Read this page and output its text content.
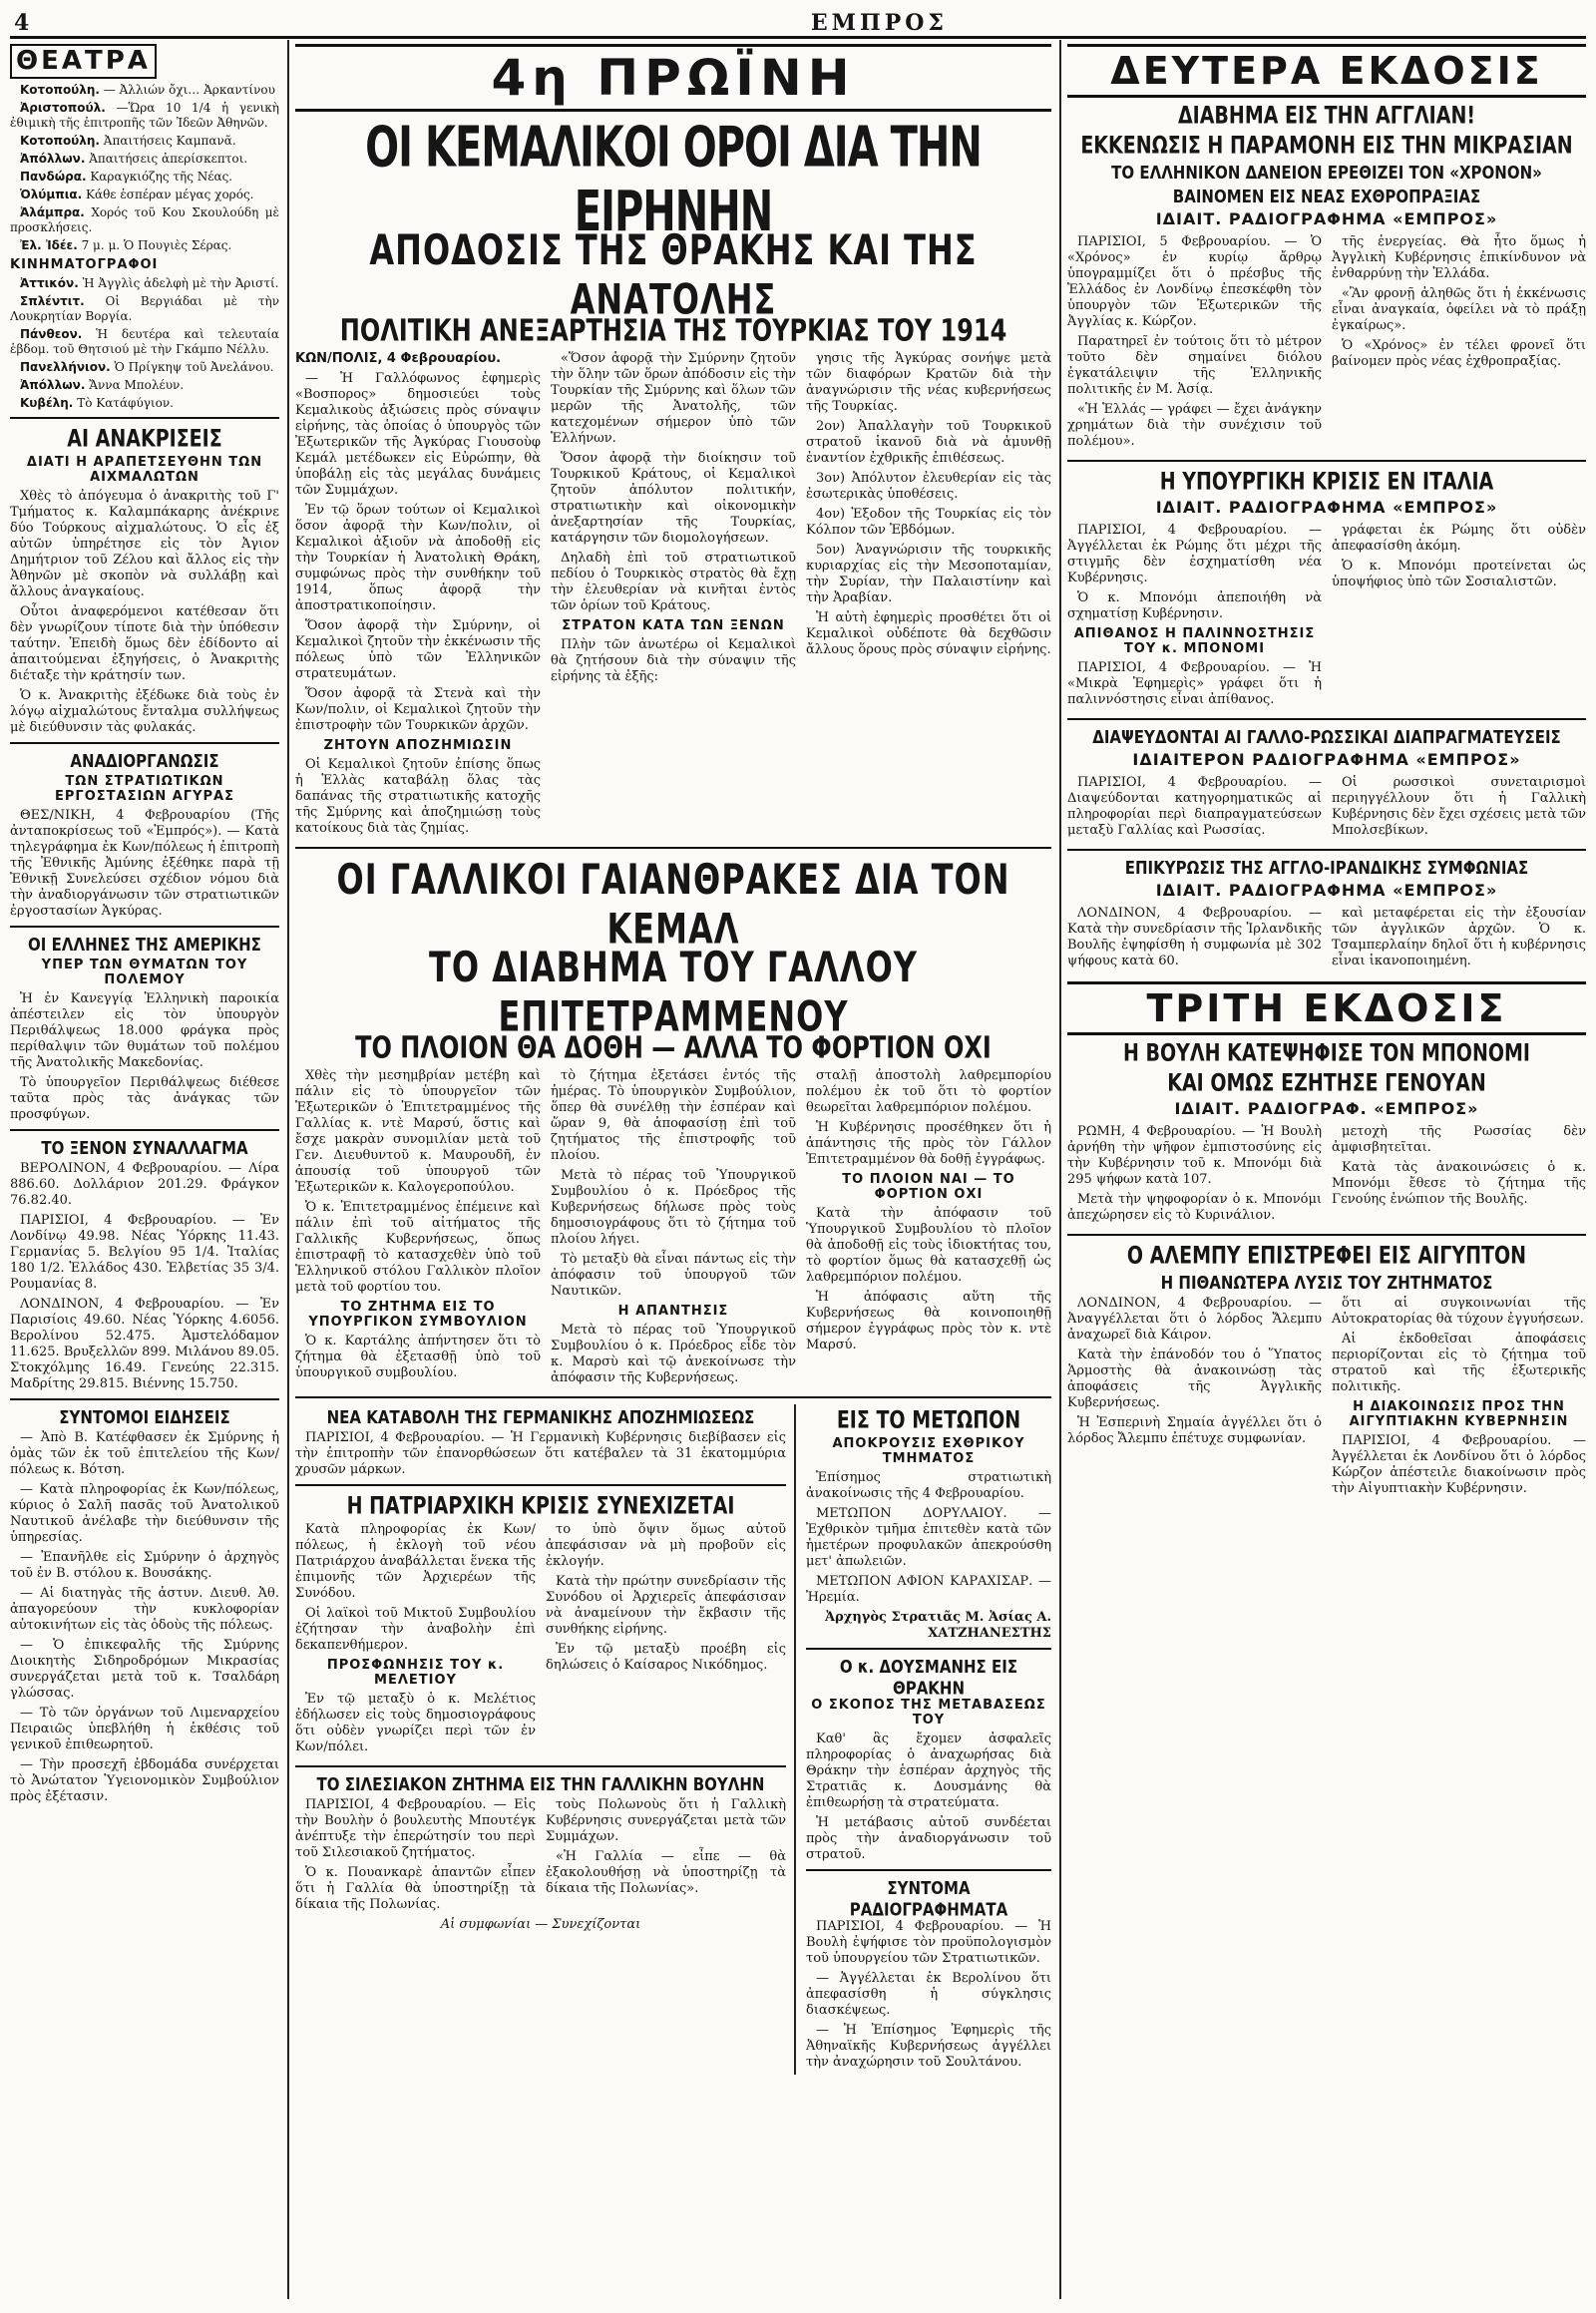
4	ΕΜΠΡΟΣ
ΘΕΑΤΡΑ

Κοτοπούλη. — Ἀλλιών ὄχι… Ἀρκαντίνου

Ἀριστοπούλ. —Ὥρα 10 1/4 ἡ γενικὴ ἐθιμικὴ τῆς ἐπιτροπῆς τῶν Ἰδεῶν Ἀθηνῶν.

Κοτοπούλη. Ἀπαιτήσεις Καμπανᾶ.

Ἀπόλλων. Ἀπαιτήσεις ἀπερίσκεπτοι.

Πανδώρα. Καραγκιόζης τῆς Νέας.

Ὀλύμπια. Κάθε ἑσπέραν μέγας χορός.

Ἀλάμπρα. Χορός τοῦ Κου Σκουλούδη μὲ προσκλήσεις.

Ἐλ. Ἰδέε. 7 μ. μ. Ὁ Πουγιὲς Σέρας.

ΚΙΝΗΜΑΤΟΓΡΑΦΟΙ

Ἀττικόν. Ἡ Ἀγγλὶς ἀδελφὴ μὲ τὴν Ἀριστί.

Σπλέντιτ. Οἱ Βεργιάδαι μὲ τὴν Λουκρητίαν Βοργία.

Πάνθεον. Ἡ δευτέρα καὶ τελευταία ἑβδομ. τοῦ Θητσιού μὲ τὴν Γκάμπο Νέλλυ.

Πανελλήνιον. Ὁ Πρίγκηψ τοῦ Ἀνελάνου.

Ἀπόλλων. Ἄννα Μπολέυν.

Κυβέλη. Τὸ Κατάφύγιον.

ΑΙ ΑΝΑΚΡΙΣΕΙΣ
ΔΙΑΤΙ Η ΑΡΑΠΕΤΣΕΥΘΗΝ ΤΩΝ ΑΙΧΜΑΛΩΤΩΝ

Χθὲς τὸ ἀπόγευμα ὁ ἀνακριτὴς τοῦ Γ' Τμήματος κ. Καλαμπάκαρης ἀνέκρινε δύο Τούρκους αἰχμαλώτους. Ὁ εἷς ἐξ αὐτῶν ὑπηρέτησε εἰς τὸν Ἀγιον Δημήτριον τοῦ Ζέλου καὶ ἄλλος εἰς τὴν Ἀθηνῶν μὲ σκοπὸν νὰ συλλάβῃ καὶ ἄλλους ἀναγκαίους.

Οὗτοι ἀναφερόμενοι κατέθεσαν ὅτι δὲν γνωρίζουν τίποτε διὰ τὴν ὑπόθεσιν ταύτην. Ἐπειδὴ ὅμως δὲν ἐδίδοντο αἱ ἀπαιτούμεναι ἐξηγήσεις, ὁ Ἀνακριτὴς διέταξε τὴν κράτησίν των.

Ὁ κ. Ἀνακριτὴς ἐξέδωκε διὰ τοὺς ἐν λόγῳ αἰχμαλώτους ἔνταλμα συλλήψεως μὲ διεύθυνσιν τὰς φυλακάς.

ΑΝΑΔΙΟΡΓΑΝΩΣΙΣ
ΤΩΝ ΣΤΡΑΤΙΩΤΙΚΩΝ ΕΡΓΟΣΤΑΣΙΩΝ ΑΓΥΡΑΣ

ΘΕΣ/ΝΙΚΗ, 4 Φεβρουαρίου (Τῆς ἀνταποκρίσεως τοῦ «Ἐμπρός»). — Κατὰ τηλεγράφημα ἐκ Κων/πόλεως ἡ ἐπιτροπὴ τῆς Ἐθνικῆς Ἀμύνης ἐξέθηκε παρὰ τῇ Ἐθνικῇ Συνελεύσει σχέδιον νόμου διὰ τὴν ἀναδιοργάνωσιν τῶν στρατιωτικῶν ἐργοστασίων Ἀγκύρας.

ΟΙ ΕΛΛΗΝΕΣ ΤΗΣ ΑΜΕΡΙΚΗΣ
ΥΠΕΡ ΤΩΝ ΘΥΜΑΤΩΝ ΤΟΥ ΠΟΛΕΜΟΥ

Ἡ ἐν Κανεγγίᾳ Ἑλληνικὴ παροικία ἀπέστειλεν εἰς τὸν ὑπουργὸν Περιθάλψεως 18.000 φράγκα πρὸς περίθαλψιν τῶν θυμάτων τοῦ πολέμου τῆς Ἀνατολικῆς Μακεδονίας.

Τὸ ὑπουργεῖον Περιθάλψεως διέθεσε ταῦτα πρὸς τὰς ἀνάγκας τῶν προσφύγων.

ΤΟ ΞΕΝΟΝ ΣΥΝΑΛΛΑΓΜΑ

ΒΕΡΟΛΙΝΟΝ, 4 Φεβρουαρίου. — Λίρα 886.60. Δολλάριον 201.29. Φράγκον 76.82.40.

ΠΑΡΙΣΙΟΙ, 4 Φεβρουαρίου. — Ἐν Λονδίνῳ 49.98. Νέας Ὑόρκης 11.43. Γερμανίας 5. Βελγίου 95 1/4. Ἰταλίας 180 1/2. Ἑλλάδος 430. Ἑλβετίας 35 3/4. Ρουμανίας 8.

ΛΟΝΔΙΝΟΝ, 4 Φεβρουαρίου. — Ἐν Παρισίοις 49.60. Νέας Ὑόρκης 4.6056. Βερολίνου 52.475. Ἀμστελόδαμον 11.625. Βρυξελλῶν 899. Μιλάνου 89.05. Στοκχόλμης 16.49. Γενεύης 22.315. Μαδρίτης 29.815. Βιέννης 15.750.

ΣΥΝΤΟΜΟΙ ΕΙΔΗΣΕΙΣ

— Ἀπὸ Β. Κατέφθασεν ἐκ Σμύρνης ἡ ὁμὰς τῶν ἐκ τοῦ ἐπιτελείου τῆς Κων/πόλεως κ. Βότση.

— Κατὰ πληροφορίας ἐκ Κων/πόλεως, κύριος ὁ Σαλῆ πασᾶς τοῦ Ἀνατολικοῦ Ναυτικοῦ ἀνέλαβε τὴν διεύθυνσιν τῆς ὑπηρεσίας.

— Ἐπανῆλθε εἰς Σμύρνην ὁ ἀρχηγὸς τοῦ ἐν Β. στόλου κ. Βουσάκης.

— Αἱ διατηγὰς τῆς ἀστυν. Διευθ. Ἀθ. ἀπαγορεύουν τὴν κυκλοφορίαν αὐτοκινήτων εἰς τὰς ὁδοὺς τῆς πόλεως.

— Ὁ ἐπικεφαλῆς τῆς Σμύρνης Διοικητὴς Σιδηροδρόμων Μικρασίας συνεργάζεται μετὰ τοῦ κ. Τσαλδάρη γλώσσας.

— Τὸ τῶν ὀργάνων τοῦ Λιμεναρχείου Πειραιῶς ὑπεβλήθη ἡ ἐκθέσις τοῦ γενικοῦ ἐπιθεωρητοῦ.

— Τὴν προσεχῆ ἑβδομάδα συνέρχεται τὸ Ἀνώτατον Ὑγειονομικὸν Συμβούλιον πρὸς ἐξέτασιν.

4η ΠΡΩΪΝΗ
ΟΙ ΚΕΜΑΛΙΚΟΙ ΟΡΟΙ ΔΙΑ ΤΗΝ ΕΙΡΗΝΗΝ
ΑΠΟΔΟΣΙΣ ΤΗΣ ΘΡΑΚΗΣ ΚΑΙ ΤΗΣ ΑΝΑΤΟΛΗΣ
ΠΟΛΙΤΙΚΗ ΑΝΕΞΑΡΤΗΣΙΑ ΤΗΣ ΤΟΥΡΚΙΑΣ ΤΟΥ 1914

ΚΩΝ/ΠΟΛΙΣ, 4 Φεβρουαρίου.

— Ἡ Γαλλόφωνος ἐφημερὶς «Βοσπορος» δημοσιεύει τοὺς Κεμαλικοὺς ἀξιώσεις πρὸς σύναψιν εἰρήνης, τὰς ὁποίας ὁ ὑπουργὸς τῶν Ἐξωτερικῶν τῆς Ἀγκύρας Γιουσοὺφ Κεμάλ μετέδωκεν εἰς Εὐρώπην, θὰ ὑποβάλῃ εἰς τὰς μεγάλας δυνάμεις τῶν Συμμάχων.

Ἐν τῷ ὅρων τούτων οἱ Κεμαλικοὶ ὅσον ἀφορᾷ τὴν Κων/πολιν, οἱ Κεμαλικοὶ ἀξιοῦν νὰ ἀποδοθῇ εἰς τὴν Τουρκίαν ἡ Ἀνατολικὴ Θράκη, συμφώνως πρὸς τὴν συνθήκην τοῦ 1914, ὅπως ἀφορᾷ τὴν ἀποστρατικοποίησιν.

Ὅσον ἀφορᾷ τὴν Σμύρνην, οἱ Κεμαλικοὶ ζητοῦν τὴν ἐκκένωσιν τῆς πόλεως ὑπὸ τῶν Ἑλληνικῶν στρατευμάτων.

Ὅσον ἀφορᾷ τὰ Στενὰ καὶ τὴν Κων/πολιν, οἱ Κεμαλικοὶ ζητοῦν τὴν ἐπιστροφὴν τῶν Τουρκικῶν ἀρχῶν.

ΖΗΤΟΥΝ ΑΠΟΖΗΜΙΩΣΙΝ

Οἱ Κεμαλικοὶ ζητοῦν ἐπίσης ὅπως ἡ Ἑλλὰς καταβάλῃ ὅλας τὰς δαπάνας τῆς στρατιωτικῆς κατοχῆς τῆς Σμύρνης καὶ ἀποζημιώσῃ τοὺς κατοίκους διὰ τὰς ζημίας.

«Ὅσον ἀφορᾷ τὴν Σμύρνην ζητοῦν τὴν ὅλην τῶν ὅρων ἀπόδοσιν εἰς τὴν Τουρκίαν τῆς Σμύρνης καὶ ὅλων τῶν μερῶν τῆς Ἀνατολῆς, τῶν κατεχομένων σήμερον ὑπὸ τῶν Ἑλλήνων.

Ὅσον ἀφορᾷ τὴν διοίκησιν τοῦ Τουρκικοῦ Κράτους, οἱ Κεμαλικοὶ ζητοῦν ἀπόλυτον πολιτικήν, στρατιωτικὴν καὶ οἰκονομικὴν ἀνεξαρτησίαν τῆς Τουρκίας, κατάργησιν τῶν διομολογήσεων.

Δηλαδὴ ἐπὶ τοῦ στρατιωτικοῦ πεδίου ὁ Τουρκικὸς στρατὸς θὰ ἔχῃ τὴν ἐλευθερίαν νὰ κινῆται ἐντὸς τῶν ὁρίων τοῦ Κράτους.

ΣΤΡΑΤΟΝ ΚΑΤΑ ΤΩΝ ΞΕΝΩΝ

Πλὴν τῶν ἀνωτέρω οἱ Κεμαλικοὶ θὰ ζητήσουν διὰ τὴν σύναψιν τῆς εἰρήνης τὰ ἑξῆς:

γησις τῆς Ἀγκύρας σονήψε μετὰ τῶν διαφόρων Κρατῶν διὰ τὴν ἀναγνώρισιν τῆς νέας κυβερνήσεως τῆς Τουρκίας.

2ον) Ἀπαλλαγὴν τοῦ Τουρκικοῦ στρατοῦ ἱκανοῦ διὰ νὰ ἀμυνθῇ ἐναντίον ἐχθρικῆς ἐπιθέσεως.

3ον) Ἀπόλυτον ἐλευθερίαν εἰς τὰς ἐσωτερικὰς ὑποθέσεις.

4ον) Ἐξοδον τῆς Τουρκίας εἰς τὸν Κόλπον τῶν Ἐβδόμων.

5ον) Ἀναγνώρισιν τῆς τουρκικῆς κυριαρχίας εἰς τὴν Μεσοποταμίαν, τὴν Συρίαν, τὴν Παλαιστίνην καὶ τὴν Ἀραβίαν.

Ἡ αὐτὴ ἐφημερὶς προσθέτει ὅτι οἱ Κεμαλικοὶ οὐδέποτε θὰ δεχθῶσιν ἄλλους ὅρους πρὸς σύναψιν εἰρήνης.

ΟΙ ΓΑΛΛΙΚΟΙ ΓΑΙΑΝΘΡΑΚΕΣ ΔΙΑ ΤΟΝ ΚΕΜΑΛ
ΤΟ ΔΙΑΒΗΜΑ ΤΟΥ ΓΑΛΛΟΥ ΕΠΙΤΕΤΡΑΜΜΕΝΟΥ
ΤΟ ΠΛΟΙΟΝ ΘΑ ΔΟΘΗ — ΑΛΛΑ ΤΟ ΦΟΡΤΙΟΝ ΟΧΙ

Χθὲς τὴν μεσημβρίαν μετέβη καὶ πάλιν εἰς τὸ ὑπουργεῖον τῶν Ἐξωτερικῶν ὁ Ἐπιτετραμμένος τῆς Γαλλίας κ. ντὲ Μαρσύ, ὅστις καὶ ἔσχε μακρὰν συνομιλίαν μετὰ τοῦ Γεν. Διευθυντοῦ κ. Μαυρουδῆ, ἐν ἀπουσίᾳ τοῦ ὑπουργοῦ τῶν Ἐξωτερικῶν κ. Καλογεροπούλου.

Ὁ κ. Ἐπιτετραμμένος ἐπέμεινε καὶ πάλιν ἐπὶ τοῦ αἰτήματος τῆς Γαλλικῆς Κυβερνήσεως, ὅπως ἐπιστραφῇ τὸ κατασχεθὲν ὑπὸ τοῦ Ἑλληνικοῦ στόλου Γαλλικὸν πλοῖον μετὰ τοῦ φορτίου του.

ΤΟ ΖΗΤΗΜΑ ΕΙΣ ΤΟ ΥΠΟΥΡΓΙΚΟΝ ΣΥΜΒΟΥΛΙΟΝ

Ὁ κ. Καρτάλης ἀπήντησεν ὅτι τὸ ζήτημα θὰ ἐξετασθῇ ὑπὸ τοῦ ὑπουργικοῦ συμβουλίου.

τὸ ζήτημα ἐξετάσει ἐντός τῆς ἡμέρας. Τὸ ὑπουργικὸν Συμβούλιον, ὅπερ θὰ συνέλθῃ τὴν ἑσπέραν καὶ ὥραν 9, θὰ ἀποφασίσῃ ἐπὶ τοῦ ζητήματος τῆς ἐπιστροφῆς τοῦ πλοίου.

Μετὰ τὸ πέρας τοῦ Ὑπουργικοῦ Συμβουλίου ὁ κ. Πρόεδρος τῆς Κυβερνήσεως δήλωσε πρὸς τοὺς δημοσιογράφους ὅτι τὸ ζήτημα τοῦ πλοίου λήγει.

Τὸ μεταξὺ θὰ εἶναι πάντως εἰς τὴν ἀπόφασιν τοῦ ὑπουργοῦ τῶν Ναυτικῶν.

Η ΑΠΑΝΤΗΣΙΣ

Μετὰ τὸ πέρας τοῦ Ὑπουργικοῦ Συμβουλίου ὁ κ. Πρόεδρος εἶδε τὸν κ. Μαρσὺ καὶ τῷ ἀνεκοίνωσε τὴν ἀπόφασιν τῆς Κυβερνήσεως.

σταλῇ ἀποστολὴ λαθρεμπορίου πολέμου ἐκ τοῦ ὅτι τὸ φορτίον θεωρεῖται λαθρεμπόριον πολέμου.

Ἡ Κυβέρνησις προσέθηκεν ὅτι ἡ ἀπάντησις τῆς πρὸς τὸν Γάλλον Ἐπιτετραμμένον θὰ δοθῇ ἐγγράφως.

ΤΟ ΠΛΟΙΟΝ ΝΑΙ — ΤΟ ΦΟΡΤΙΟΝ ΟΧΙ

Κατὰ τὴν ἀπόφασιν τοῦ Ὑπουργικοῦ Συμβουλίου τὸ πλοῖον θὰ ἀποδοθῇ εἰς τοὺς ἰδιοκτήτας του, τὸ φορτίον ὅμως θὰ κατασχεθῇ ὡς λαθρεμπόριον πολέμου.

Ἡ ἀπόφασις αὕτη τῆς Κυβερνήσεως θὰ κοινοποιηθῇ σήμερον ἐγγράφως πρὸς τὸν κ. ντὲ Μαρσύ.

ΝΕΑ ΚΑΤΑΒΟΛΗ ΤΗΣ ΓΕΡΜΑΝΙΚΗΣ ΑΠΟΖΗΜΙΩΣΕΩΣ

ΠΑΡΙΣΙΟΙ, 4 Φεβρουαρίου. — Ἡ Γερμανικὴ Κυβέρνησις διεβίβασεν εἰς τὴν ἐπιτροπὴν τῶν ἐπανορθώσεων ὅτι κατέβαλεν τὰ 31 ἑκατομμύρια χρυσῶν μάρκων.

Η ΠΑΤΡΙΑΡΧΙΚΗ ΚΡΙΣΙΣ ΣΥΝΕΧΙΖΕΤΑΙ

Κατὰ πληροφορίας ἐκ Κων/πόλεως, ἡ ἐκλογὴ τοῦ νέου Πατριάρχου ἀναβάλλεται ἕνεκα τῆς ἐπιμονῆς τῶν Ἀρχιερέων τῆς Συνόδου.

Οἱ λαϊκοὶ τοῦ Μικτοῦ Συμβουλίου ἐζήτησαν τὴν ἀναβολὴν ἐπὶ δεκαπενθήμερον.

ΠΡΟΣΦΩΝΗΣΙΣ ΤΟΥ κ. ΜΕΛΕΤΙΟΥ

Ἐν τῷ μεταξὺ ὁ κ. Μελέτιος ἐδήλωσεν εἰς τοὺς δημοσιογράφους ὅτι οὐδὲν γνωρίζει περὶ τῶν ἐν Κων/πόλει.

το ὑπὸ ὄψιν ὅμως αὐτοῦ ἀπεφάσισαν νὰ μὴ προβοῦν εἰς ἐκλογήν.

Κατὰ τὴν πρώτην συνεδρίασιν τῆς Συνόδου οἱ Ἀρχιερεῖς ἀπεφάσισαν νὰ ἀναμείνουν τὴν ἔκβασιν τῆς συνθήκης εἰρήνης.

Ἐν τῷ μεταξὺ προέβη εἰς δηλώσεις ὁ Καίσαρος Νικόδημος.

ΤΟ ΣΙΛΕΣΙΑΚΟΝ ΖΗΤΗΜΑ ΕΙΣ ΤΗΝ ΓΑΛΛΙΚΗΝ ΒΟΥΛΗΝ

ΠΑΡΙΣΙΟΙ, 4 Φεβρουαρίου. — Εἰς τὴν Βουλὴν ὁ βουλευτὴς Μπουτέγκ ἀνέπτυξε τὴν ἐπερώτησίν του περὶ τοῦ Σιλεσιακοῦ ζητήματος.

Ὁ κ. Πουανκαρὲ ἀπαντῶν εἶπεν ὅτι ἡ Γαλλία θὰ ὑποστηρίξῃ τὰ δίκαια τῆς Πολωνίας.

τοὺς Πολωνοὺς ὅτι ἡ Γαλλικὴ Κυβέρνησις συνεργάζεται μετὰ τῶν Συμμάχων.

«Ἡ Γαλλία — εἶπε — θὰ ἐξακολουθήσῃ νὰ ὑποστηρίζῃ τὰ δίκαια τῆς Πολωνίας».

Αἱ συμφωνίαι — Συνεχίζονται

ΕΙΣ ΤΟ ΜΕΤΩΠΟΝ
ΑΠΟΚΡΟΥΣΙΣ ΕΧΘΡΙΚΟΥ ΤΜΗΜΑΤΟΣ

Ἐπίσημος στρατιωτικὴ ἀνακοίνωσις τῆς 4 Φεβρουαρίου.

ΜΕΤΩΠΟΝ ΔΟΡΥΛΑΙΟΥ. — Ἐχθρικὸν τμῆμα ἐπιτεθὲν κατὰ τῶν ἡμετέρων προφυλακῶν ἀπεκρούσθη μετ' ἀπωλειῶν.

ΜΕΤΩΠΟΝ ΑΦΙΟΝ ΚΑΡΑΧΙΣΑΡ. — Ἠρεμία.

Ἀρχηγὸς Στρατιᾶς Μ. Ἀσίας Α. ΧΑΤΖΗΑΝΕΣΤΗΣ

Ο κ. ΔΟΥΣΜΑΝΗΣ ΕΙΣ ΘΡΑΚΗΝ
Ο ΣΚΟΠΟΣ ΤΗΣ ΜΕΤΑΒΑΣΕΩΣ ΤΟΥ

Καθ' ἃς ἔχομεν ἀσφαλεῖς πληροφορίας ὁ ἀναχωρήσας διὰ Θράκην τὴν ἑσπέραν ἀρχηγὸς τῆς Στρατιᾶς κ. Δουσμάνης θὰ ἐπιθεωρήσῃ τὰ στρατεύματα.

Ἡ μετάβασις αὐτοῦ συνδέεται πρὸς τὴν ἀναδιοργάνωσιν τοῦ στρατοῦ.

ΣΥΝΤΟΜΑ ΡΑΔΙΟΓΡΑΦΗΜΑΤΑ

ΠΑΡΙΣΙΟΙ, 4 Φεβρουαρίου. — Ἡ Βουλὴ ἐψήφισε τὸν προϋπολογισμὸν τοῦ ὑπουργείου τῶν Στρατιωτικῶν.

— Ἀγγέλλεται ἐκ Βερολίνου ὅτι ἀπεφασίσθη ἡ σύγκλησις διασκέψεως.

— Ἡ Ἐπίσημος Ἐφημερὶς τῆς Ἀθηναϊκῆς Κυβερνήσεως ἀγγέλλει τὴν ἀναχώρησιν τοῦ Σουλτάνου.

ΔΕΥΤΕΡΑ ΕΚΔΟΣΙΣ
ΔΙΑΒΗΜΑ ΕΙΣ ΤΗΝ ΑΓΓΛΙΑΝ!
ΕΚΚΕΝΩΣΙΣ Η ΠΑΡΑΜΟΝΗ ΕΙΣ ΤΗΝ ΜΙΚΡΑΣΙΑΝ
ΤΟ ΕΛΛΗΝΙΚΟΝ ΔΑΝΕΙΟΝ ΕΡΕΘΙΖΕΙ ΤΟΝ «ΧΡΟΝΟΝ»
ΒΑΙΝΟΜΕΝ ΕΙΣ ΝΕΑΣ ΕΧΘΡΟΠΡΑΞΙΑΣ
ΙΔΙΑΙΤ. ΡΑΔΙΟΓΡΑΦΗΜΑ «ΕΜΠΡΟΣ»

ΠΑΡΙΣΙΟΙ, 5 Φεβρουαρίου. — Ὁ «Χρόνος» ἐν κυρίῳ ἄρθρῳ ὑπογραμμίζει ὅτι ὁ πρέσβυς τῆς Ἑλλάδος ἐν Λονδίνῳ ἐπεσκέφθη τὸν ὑπουργὸν τῶν Ἐξωτερικῶν τῆς Ἀγγλίας κ. Κώρζον.

Παρατηρεῖ ἐν τούτοις ὅτι τὸ μέτρον τοῦτο δὲν σημαίνει διόλου ἐγκατάλειψιν τῆς Ἑλληνικῆς πολιτικῆς ἐν Μ. Ἀσίᾳ.

«Ἡ Ἑλλάς — γράφει — ἔχει ἀνάγκην χρημάτων διὰ τὴν συνέχισιν τοῦ πολέμου».

τῆς ἐνεργείας. Θὰ ἦτο ὅμως ἡ Ἀγγλικὴ Κυβέρνησις ἐπικίνδυνον νὰ ἐνθαρρύνῃ τὴν Ἑλλάδα.

«Ἂν φρονῇ ἀληθῶς ὅτι ἡ ἐκκένωσις εἶναι ἀναγκαία, ὀφείλει νὰ τὸ πράξῃ ἐγκαίρως».

Ὁ «Χρόνος» ἐν τέλει φρονεῖ ὅτι βαίνομεν πρὸς νέας ἐχθροπραξίας.

Η ΥΠΟΥΡΓΙΚΗ ΚΡΙΣΙΣ ΕΝ ΙΤΑΛΙΑ
ΙΔΙΑΙΤ. ΡΑΔΙΟΓΡΑΦΗΜΑ «ΕΜΠΡΟΣ»

ΠΑΡΙΣΙΟΙ, 4 Φεβρουαρίου. — Ἀγγέλλεται ἐκ Ρώμης ὅτι μέχρι τῆς στιγμῆς δὲν ἐσχηματίσθη νέα Κυβέρνησις.

Ὁ κ. Μπονόμι ἀπεποιήθη νὰ σχηματίσῃ Κυβέρνησιν.

ΑΠΙΘΑΝΟΣ Η ΠΑΛΙΝΝΟΣΤΗΣΙΣ ΤΟΥ κ. ΜΠΟΝΟΜΙ

ΠΑΡΙΣΙΟΙ, 4 Φεβρουαρίου. — Ἡ «Μικρὰ Ἐφημερὶς» γράφει ὅτι ἡ παλιννόστησις εἶναι ἀπίθανος.

γράφεται ἐκ Ρώμης ὅτι οὐδὲν ἀπεφασίσθη ἀκόμη.

Ὁ κ. Μπονόμι προτείνεται ὡς ὑποψήφιος ὑπὸ τῶν Σοσιαλιστῶν.

ΔΙΑΨΕΥΔΟΝΤΑΙ ΑΙ ΓΑΛΛΟ-ΡΩΣΣΙΚΑΙ ΔΙΑΠΡΑΓΜΑΤΕΥΣΕΙΣ
ΙΔΙΑΙΤΕΡΟΝ ΡΑΔΙΟΓΡΑΦΗΜΑ «ΕΜΠΡΟΣ»

ΠΑΡΙΣΙΟΙ, 4 Φεβρουαρίου. — Διαψεύδονται κατηγορηματικῶς αἱ πληροφορίαι περὶ διαπραγματεύσεων μεταξὺ Γαλλίας καὶ Ρωσσίας.

Οἱ ρωσσικοὶ συνεταιρισμοὶ περιηγγέλλουν ὅτι ἡ Γαλλικὴ Κυβέρνησις δὲν ἔχει σχέσεις μετὰ τῶν Μπολσεβίκων.

ΕΠΙΚΥΡΩΣΙΣ ΤΗΣ ΑΓΓΛΟ-ΙΡΑΝΔΙΚΗΣ ΣΥΜΦΩΝΙΑΣ
ΙΔΙΑΙΤ. ΡΑΔΙΟΓΡΑΦΗΜΑ «ΕΜΠΡΟΣ»

ΛΟΝΔΙΝΟΝ, 4 Φεβρουαρίου. — Κατὰ τὴν συνεδρίασιν τῆς Ἰρλανδικῆς Βουλῆς ἐψηφίσθη ἡ συμφωνία μὲ 302 ψήφους κατὰ 60.

καὶ μεταφέρεται εἰς τὴν ἐξουσίαν τῶν ἀγγλικῶν ἀρχῶν. Ὁ κ. Τσαμπερλαίην δηλοῖ ὅτι ἡ κυβέρνησις εἶναι ἱκανοποιημένη.

ΤΡΙΤΗ ΕΚΔΟΣΙΣ
Η ΒΟΥΛΗ ΚΑΤΕΨΗΦΙΣΕ ΤΟΝ ΜΠΟΝΟΜΙ
ΚΑΙ ΟΜΩΣ ΕΖΗΤΗΣΕ ΓΕΝΟΥΑΝ
ΙΔΙΑΙΤ. ΡΑΔΙΟΓΡΑΦ. «ΕΜΠΡΟΣ»

ΡΩΜΗ, 4 Φεβρουαρίου. — Ἡ Βουλὴ ἀρνήθη τὴν ψῆφον ἐμπιστοσύνης εἰς τὴν Κυβέρνησιν τοῦ κ. Μπονόμι διὰ 295 ψήφων κατὰ 107.

Μετὰ τὴν ψηφοφορίαν ὁ κ. Μπονόμι ἀπεχώρησεν εἰς τὸ Κυρινάλιον.

μετοχὴ τῆς Ρωσσίας δὲν ἀμφισβητεῖται.

Κατὰ τὰς ἀνακοινώσεις ὁ κ. Μπονόμι ἔθεσε τὸ ζήτημα τῆς Γενούης ἐνώπιον τῆς Βουλῆς.

Ο ΑΛΕΜΠΥ ΕΠΙΣΤΡΕΦΕΙ ΕΙΣ ΑΙΓΥΠΤΟΝ
Η ΠΙΘΑΝΩΤΕΡΑ ΛΥΣΙΣ ΤΟΥ ΖΗΤΗΜΑΤΟΣ

ΛΟΝΔΙΝΟΝ, 4 Φεβρουαρίου. — Ἀναγγέλλεται ὅτι ὁ λόρδος Ἄλεμπυ ἀναχωρεῖ διὰ Κάιρον.

Κατὰ τὴν ἐπάνοδόν του ὁ Ὕπατος Ἁρμοστὴς θὰ ἀνακοινώσῃ τὰς ἀποφάσεις τῆς Ἀγγλικῆς Κυβερνήσεως.

Ἡ Ἐσπερινὴ Σημαία ἀγγέλλει ὅτι ὁ λόρδος Ἄλεμπυ ἐπέτυχε συμφωνίαν.

ὅτι αἱ συγκοινωνίαι τῆς Αὐτοκρατορίας θὰ τύχουν ἐγγυήσεων.

Αἱ ἐκδοθεῖσαι ἀποφάσεις περιορίζονται εἰς τὸ ζήτημα τοῦ στρατοῦ καὶ τῆς ἐξωτερικῆς πολιτικῆς.

Η ΔΙΑΚΟΙΝΩΣΙΣ ΠΡΟΣ ΤΗΝ ΑΙΓΥΠΤΙΑΚΗΝ ΚΥΒΕΡΝΗΣΙΝ

ΠΑΡΙΣΙΟΙ, 4 Φεβρουαρίου. — Ἀγγέλλεται ἐκ Λονδίνου ὅτι ὁ λόρδος Κώρζον ἀπέστειλε διακοίνωσιν πρὸς τὴν Αἰγυπτιακὴν Κυβέρνησιν.
